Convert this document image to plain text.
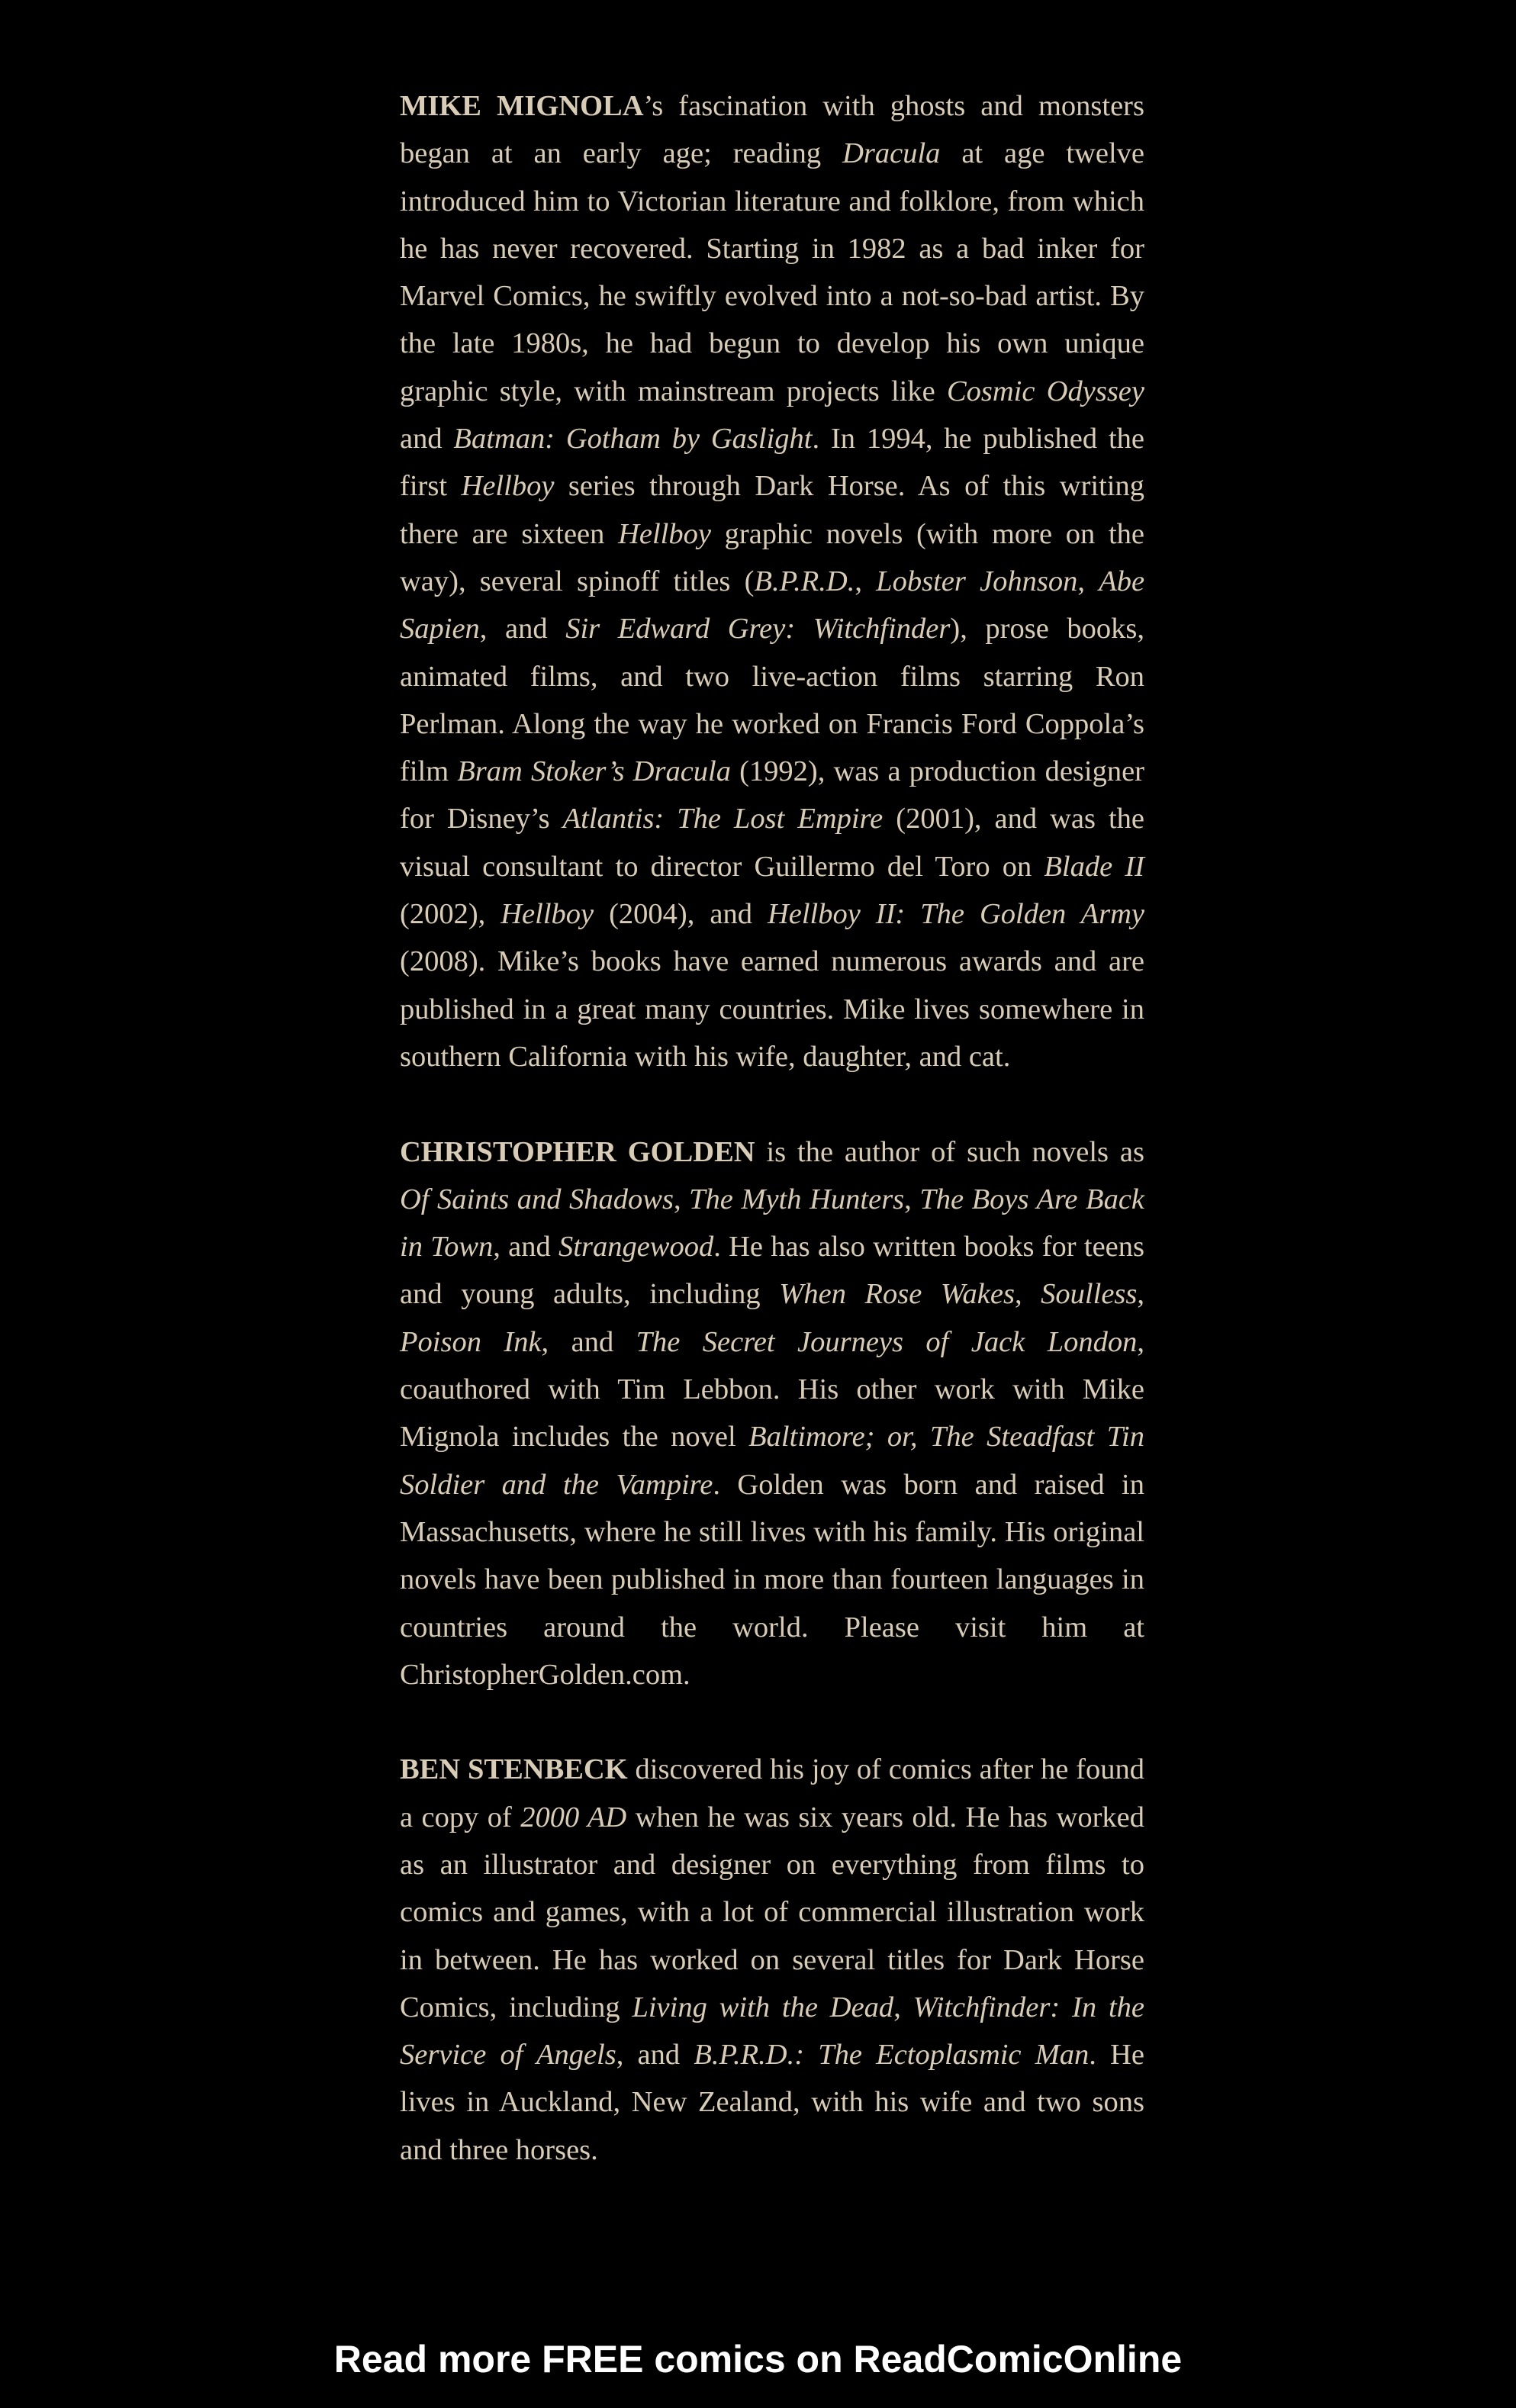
MIKE MIGNOLA’s fascination with ghosts and monsters began at an early age; reading Dracula at age twelve introduced him to Victorian literature and folklore, from which he has never recovered. Starting in 1982 as a bad inker for Marvel Comics, he swiftly evolved into a not-so-bad artist. By the late 1980s, he had begun to develop his own unique graphic style, with mainstream projects like Cosmic Odyssey and Batman: Gotham by Gaslight. In 1994, he published the first Hellboy series through Dark Horse. As of this writing there are sixteen Hellboy graphic novels (with more on the way), several spinoff titles (B.P.R.D., Lobster Johnson, Abe Sapien, and Sir Edward Grey: Witchfinder), prose books, animated films, and two live-action films starring Ron Perlman. Along the way he worked on Francis Ford Coppola’s film Bram Stoker’s Dracula (1992), was a production designer for Disney’s Atlantis: The Lost Empire (2001), and was the visual consultant to director Guillermo del Toro on Blade II (2002), Hellboy (2004), and Hellboy II: The Golden Army (2008). Mike’s books have earned numerous awards and are published in a great many countries. Mike lives somewhere in southern California with his wife, daughter, and cat.

CHRISTOPHER GOLDEN is the author of such novels as Of Saints and Shadows, The Myth Hunters, The Boys Are Back in Town, and Strangewood. He has also written books for teens and young adults, including When Rose Wakes, Soulless, Poison Ink, and The Secret Journeys of Jack London, coauthored with Tim Lebbon. His other work with Mike Mignola includes the novel Baltimore; or, The Steadfast Tin Soldier and the Vampire. Golden was born and raised in Massachusetts, where he still lives with his family. His original novels have been published in more than fourteen languages in countries around the world. Please visit him at ChristopherGolden.com.

BEN STENBECK discovered his joy of comics after he found a copy of 2000 AD when he was six years old. He has worked as an illustrator and designer on everything from films to comics and games, with a lot of commercial illustration work in between. He has worked on several titles for Dark Horse Comics, including Living with the Dead, Witchfinder: In the Service of Angels, and B.P.R.D.: The Ectoplasmic Man. He lives in Auckland, New Zealand, with his wife and two sons and three horses.

Read more FREE comics on ReadComicOnline
